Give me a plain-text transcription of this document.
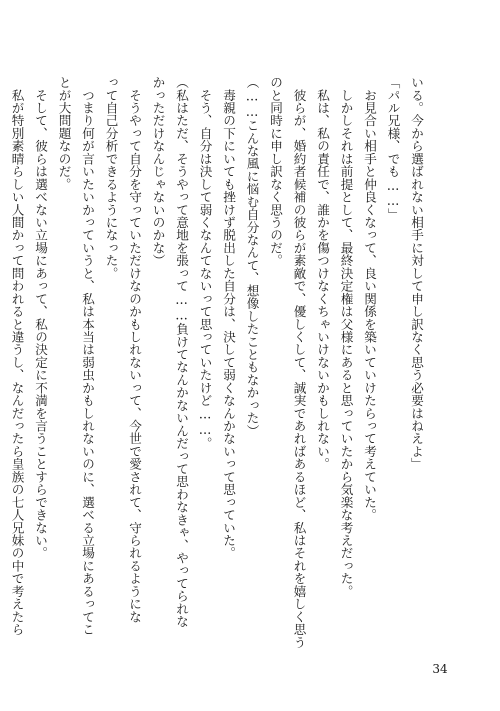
いる。今から選ばれない相手に対して申し訳なく思う必要はねえよ」
「パル兄様、でも……」
　お見合い相手と仲良くなって、良い関係を築いていけたらって考えていた。
　しかしそれは前提として、最終決定権は父様にあると思っていたから気楽な考えだった。
　私は、私の責任で、誰かを傷つけなくちゃいけないかもしれない。
　彼らが、婚約者候補の彼らが素敵で、優しくして、誠実であればあるほど、私はそれを嬉しく思う
のと同時に申し訳なく思うのだ。
（……こんな風に悩む自分なんて、想像したこともなかった）
　毒親の下にいても挫けず脱出した自分は、決して弱くなんかないって思っていた。
　そう、自分は決して弱くなんてないって思っていたけど……。
（私はただ、そうやって意地を張って……負けてなんかないんだって思わなきゃ、やってられな
かっただけなんじゃないのかな）
　そうやって自分を守っていただけなのかもしれないって、今世で愛されて、守られるようにな
って自己分析できるようになった。
　つまり何が言いたいかっていうと、私は本当は弱虫かもしれないのに、選べる立場にあるってこ
とが大問題なのだ。
　そして、彼らは選べない立場にあって、私の決定に不満を言うことすらできない。
　私が特別素晴らしい人間かって問われると違うし、なんだったら皇族の七人兄妹の中で考えたら
34
